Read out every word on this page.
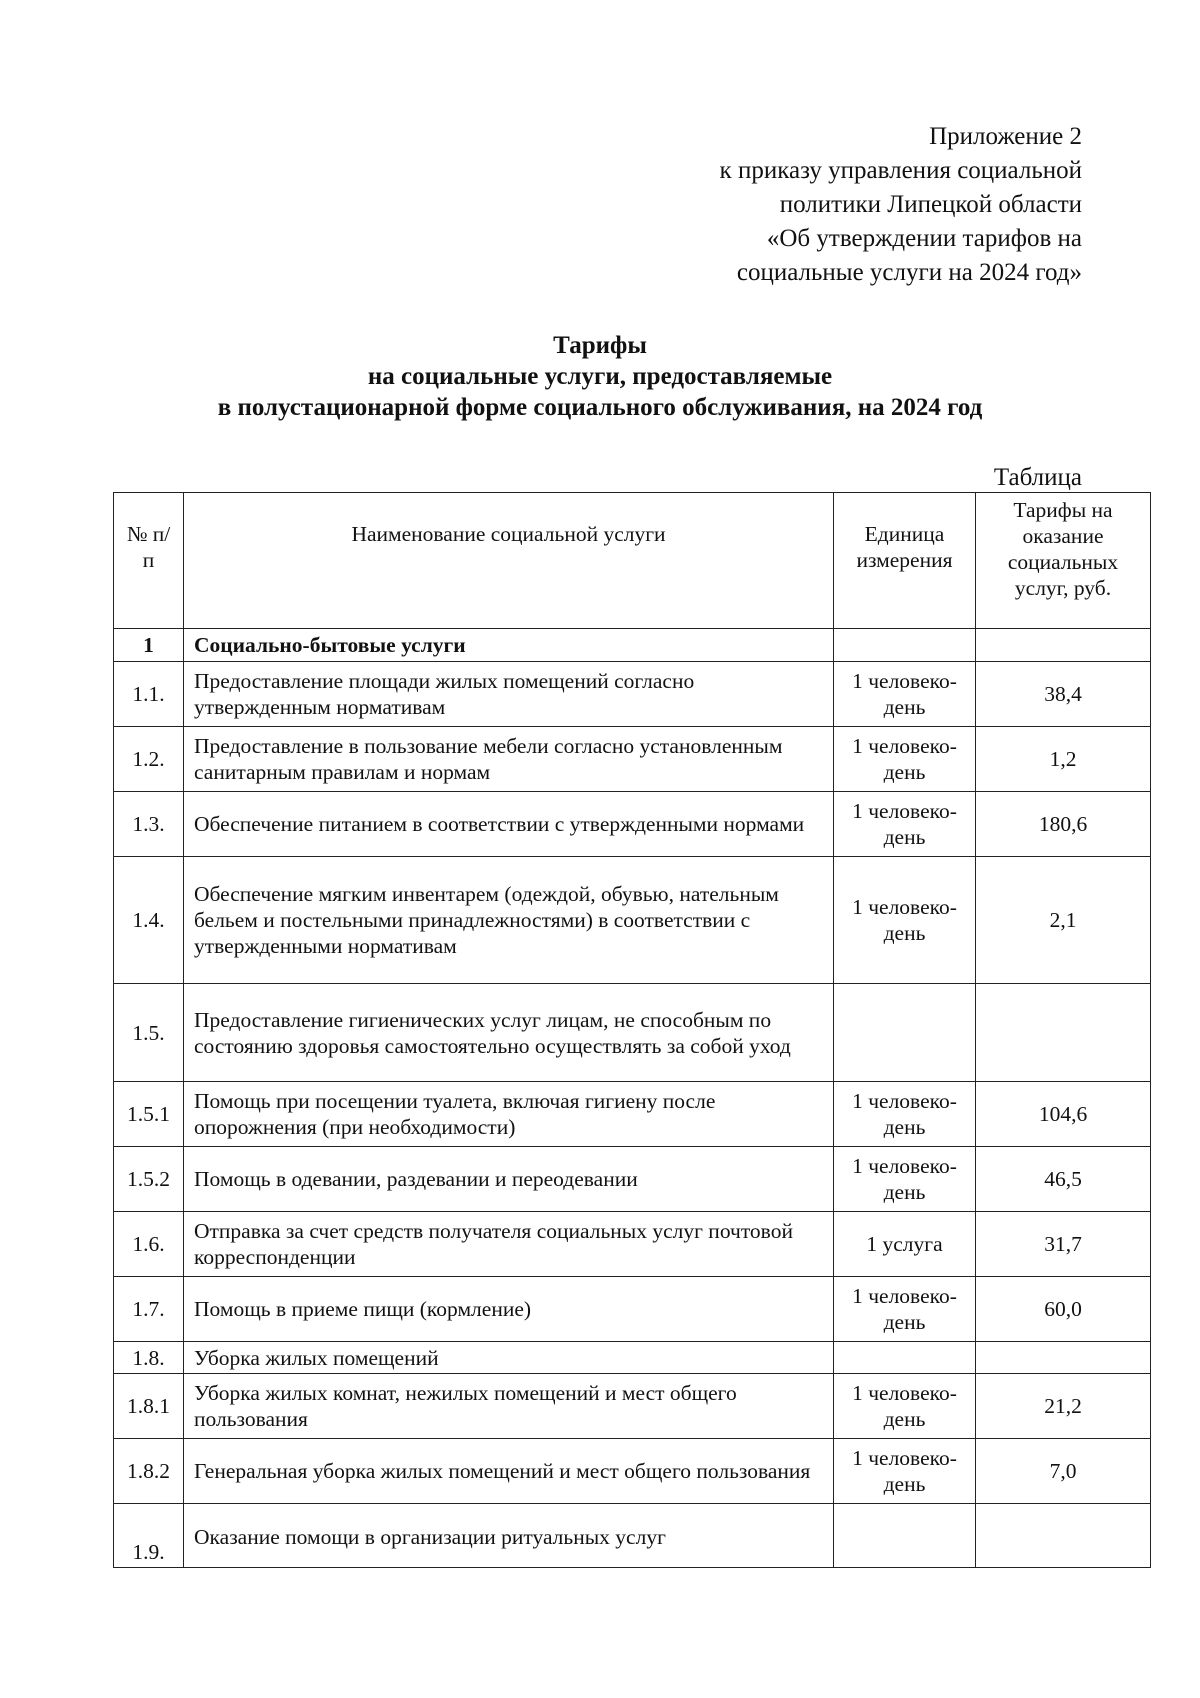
Приложение 2
к приказу управления социальной
политики Липецкой области
«Об утверждении тарифов на
социальные услуги на 2024 год»
Тарифы
на социальные услуги, предоставляемые
в полустационарной форме социального обслуживания, на 2024 год
Таблица
№ п/п	Наименование социальной услуги	Единица измерения	Тарифы на оказание социальных услуг, руб.
1	Социально-бытовые услуги		
1.1.	Предоставление площади жилых помещений согласно утвержденным нормативам	1 человеко-день	38,4
1.2.	Предоставление в пользование мебели согласно установленным санитарным правилам и нормам	1 человеко-день	1,2
1.3.	Обеспечение питанием в соответствии с утвержденными нормами	1 человеко-день	180,6
1.4.	Обеспечение мягким инвентарем (одеждой, обувью, нательным бельем и постельными принадлежностями) в соответствии с утвержденными нормативам	1 человеко-день	2,1
1.5.	Предоставление гигиенических услуг лицам, не способным по состоянию здоровья самостоятельно осуществлять за собой уход		
1.5.1	Помощь при посещении туалета, включая гигиену после опорожнения (при необходимости)	1 человеко-день	104,6
1.5.2	Помощь в одевании, раздевании и переодевании	1 человеко-день	46,5
1.6.	Отправка за счет средств получателя социальных услуг почтовой корреспонденции	1 услуга	31,7
1.7.	Помощь в приеме пищи (кормление)	1 человеко-день	60,0
1.8.	Уборка жилых помещений		
1.8.1	Уборка жилых комнат, нежилых помещений и мест общего пользования	1 человеко-день	21,2
1.8.2	Генеральная уборка жилых помещений и мест общего пользования	1 человеко-день	7,0
1.9.	Оказание помощи в организации ритуальных услуг		
